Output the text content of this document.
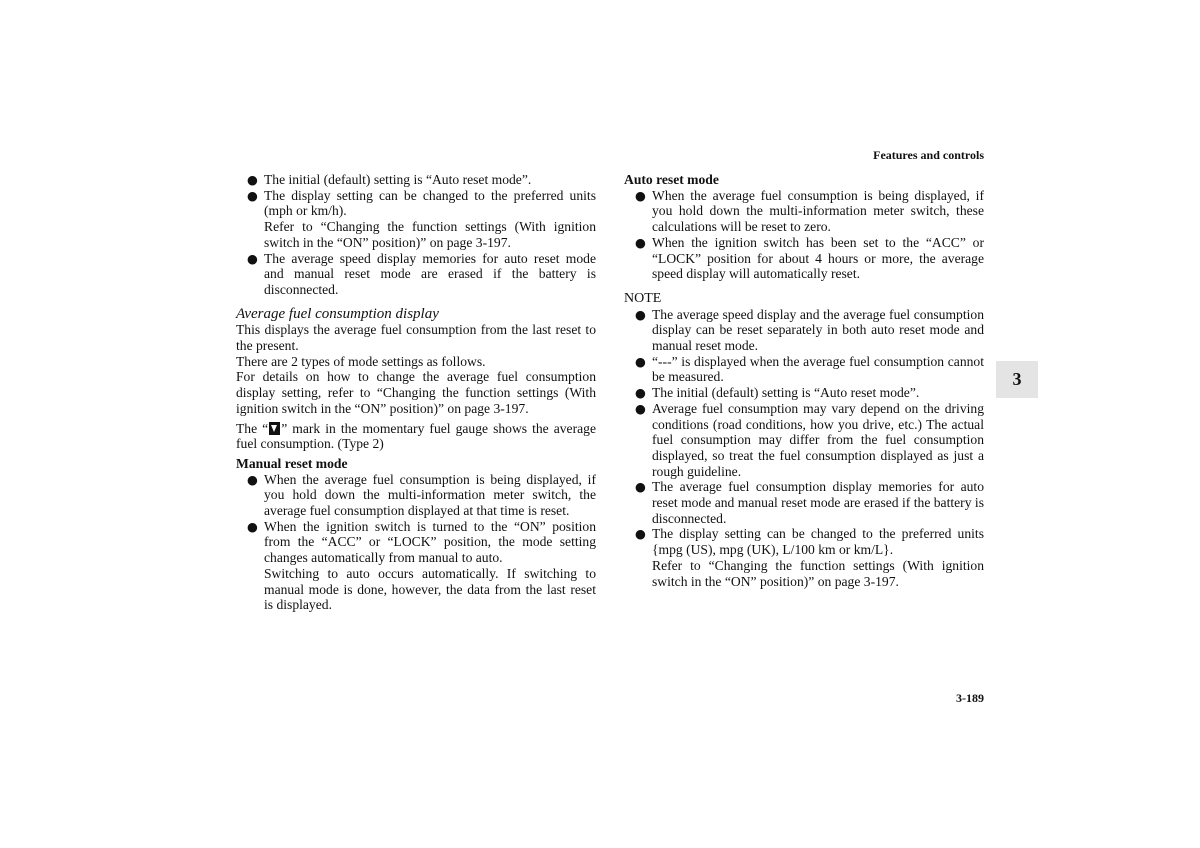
Features and controls
● The initial (default) setting is “Auto reset mode”.
● The display setting can be changed to the preferred units (mph or km/h).
Refer to “Changing the function settings (With ignition switch in the “ON” position)” on page 3-197.
● The average speed display memories for auto reset mode and manual reset mode are erased if the battery is disconnected.

Average fuel consumption display

This displays the average fuel consumption from the last reset to the present.

There are 2 types of mode settings as follows.

For details on how to change the average fuel consumption display setting, refer to “Changing the function settings (With ignition switch in the “ON” position)” on page 3-197.

The “ ” mark in the momentary fuel gauge shows the average fuel consumption. (Type 2)

Manual reset mode

● When the average fuel consumption is being displayed, if you hold down the multi-information meter switch, the average fuel consumption displayed at that time is reset.
● When the ignition switch is turned to the “ON” position from the “ACC” or “LOCK” position, the mode setting changes automatically from manual to auto.
Switching to auto occurs automatically. If switching to manual mode is done, however, the data from the last reset is displayed.

Auto reset mode

● When the average fuel consumption is being displayed, if you hold down the multi-information meter switch, these calculations will be reset to zero.
● When the ignition switch has been set to the “ACC” or “LOCK” position for about 4 hours or more, the average speed display will automatically reset.

NOTE

● The average speed display and the average fuel consumption display can be reset separately in both auto reset mode and manual reset mode.
● “---” is displayed when the average fuel consumption cannot be measured.
● The initial (default) setting is “Auto reset mode”.
● Average fuel consumption may vary depend on the driving conditions (road conditions, how you drive, etc.) The actual fuel consumption may differ from the fuel consumption displayed, so treat the fuel consumption displayed as just a rough guideline.
● The average fuel consumption display memories for auto reset mode and manual reset mode are erased if the battery is disconnected.
● The display setting can be changed to the preferred units {mpg (US), mpg (UK), L/100 km or km/L}.
Refer to “Changing the function settings (With ignition switch in the “ON” position)” on page 3-197.
3
3-189
